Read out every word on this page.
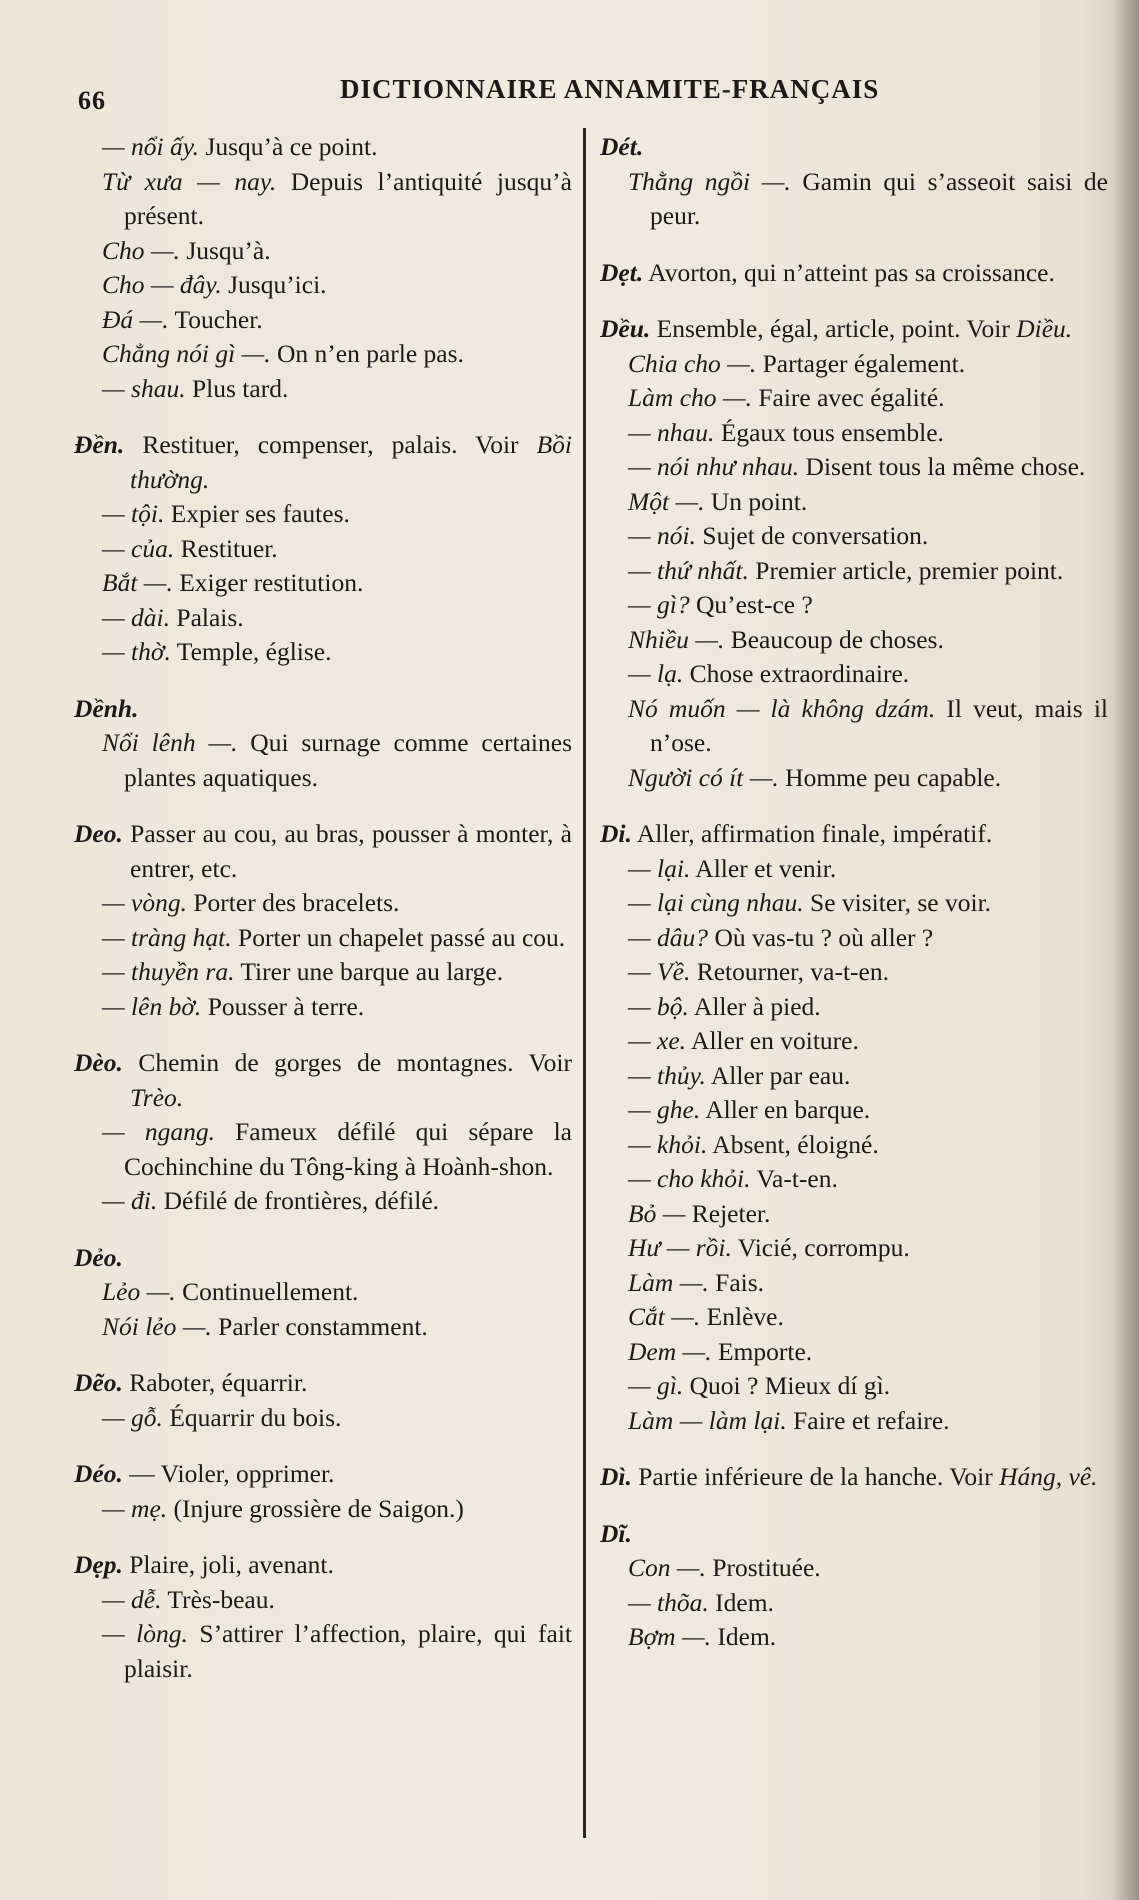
66	DICTIONNAIRE ANNAMITE-FRANÇAIS

— nổi ấy. Jusqu’à ce point.

Từ xưa — nay. Depuis l’antiquité jusqu’à présent.

Cho —. Jusqu’à.

Cho — đây. Jusqu’ici.

Đá —. Toucher.

Chẳng nói gì —. On n’en parle pas.

— shau. Plus tard.

Đền. Restituer, compenser, palais. Voir Bồi thường.

— tội. Expier ses fautes.

— của. Restituer.

Bắt —. Exiger restitution.

— dài. Palais.

— thờ. Temple, église.

Dềnh.

Nổi lênh —. Qui surnage comme certaines plantes aquatiques.

Deo. Passer au cou, au bras, pousser à monter, à entrer, etc.

— vòng. Porter des bracelets.

— tràng hạt. Porter un chapelet passé au cou.

— thuyền ra. Tirer une barque au large.

— lên bờ. Pousser à terre.

Dèo. Chemin de gorges de montagnes. Voir Trèo.

— ngang. Fameux défilé qui sépare la Cochinchine du Tông-king à Hoành-shon.

— đi. Défilé de frontières, défilé.

Dẻo.

Lẻo —. Continuellement.

Nói lẻo —. Parler constamment.

Dẽo. Raboter, équarrir.

— gỗ. Équarrir du bois.

Déo. — Violer, opprimer.

— mẹ. (Injure grossière de Saigon.)

Dẹp. Plaire, joli, avenant.

— dễ. Très-beau.

— lòng. S’attirer l’affection, plaire, qui fait plaisir.

Dét.

Thằng ngồi —. Gamin qui s’asseoit saisi de peur.

Dẹt. Avorton, qui n’atteint pas sa croissance.

Dều. Ensemble, égal, article, point. Voir Diều.

Chia cho —. Partager également.

Làm cho —. Faire avec égalité.

— nhau. Égaux tous ensemble.

— nói như nhau. Disent tous la même chose.

Một —. Un point.

— nói. Sujet de conversation.

— thứ nhất. Premier article, premier point.

— gì? Qu’est-ce ?

Nhiều —. Beaucoup de choses.

— lạ. Chose extraordinaire.

Nó muốn — là không dzám. Il veut, mais il n’ose.

Người có ít —. Homme peu capable.

Di. Aller, affirmation finale, impératif.

— lại. Aller et venir.

— lại cùng nhau. Se visiter, se voir.

— dâu? Où vas-tu ? où aller ?

— Về. Retourner, va-t-en.

— bộ. Aller à pied.

— xe. Aller en voiture.

— thủy. Aller par eau.

— ghe. Aller en barque.

— khỏi. Absent, éloigné.

— cho khỏi. Va-t-en.

Bỏ — Rejeter.

Hư — rồi. Vicié, corrompu.

Làm —. Fais.

Cắt —. Enlève.

Dem —. Emporte.

— gì. Quoi ? Mieux dí gì.

Làm — làm lại. Faire et refaire.

Dì. Partie inférieure de la hanche. Voir Háng, vê.

Dĩ.

Con —. Prostituée.

— thõa. Idem.

Bợm —. Idem.
